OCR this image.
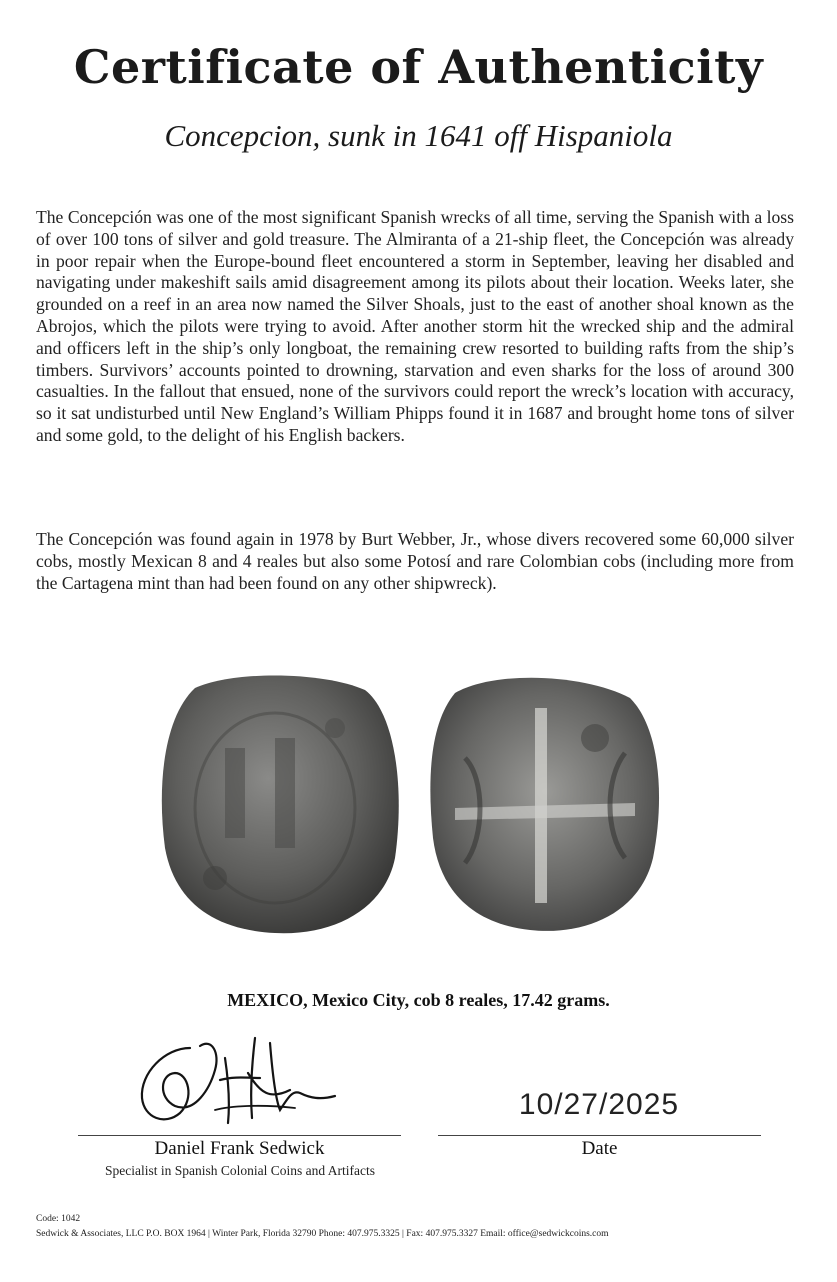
Certificate of Authenticity
Concepcion, sunk in 1641 off Hispaniola

The Concepción was one of the most significant Spanish wrecks of all time, serving the Spanish with a loss of over 100 tons of silver and gold treasure. The Almiranta of a 21-ship fleet, the Concepción was already in poor repair when the Europe-bound fleet encountered a storm in September, leaving her disabled and navigating under makeshift sails amid disagreement among its pilots about their location. Weeks later, she grounded on a reef in an area now named the Silver Shoals, just to the east of another shoal known as the Abrojos, which the pilots were trying to avoid. After another storm hit the wrecked ship and the admiral and officers left in the ship’s only longboat, the remaining crew resorted to building rafts from the ship’s timbers. Survivors’ accounts pointed to drowning, starvation and even sharks for the loss of around 300 casualties. In the fallout that ensued, none of the survivors could report the wreck’s location with accuracy, so it sat undisturbed until New England’s William Phipps found it in 1687 and brought home tons of silver and some gold, to the delight of his English backers.

The Concepción was found again in 1978 by Burt Webber, Jr., whose divers recovered some 60,000 silver cobs, mostly Mexican 8 and 4 reales but also some Potosí and rare Colombian cobs (including more from the Cartagena mint than had been found on any other shipwreck).

MEXICO, Mexico City, cob 8 reales, 17.42 grams.
10/27/2025
Daniel Frank Sedwick
Specialist in Spanish Colonial Coins and Artifacts
Date
Code: 1042
Sedwick & Associates, LLC P.O. BOX 1964 | Winter Park, Florida 32790 Phone: 407.975.3325 | Fax: 407.975.3327 Email: office@sedwickcoins.com
